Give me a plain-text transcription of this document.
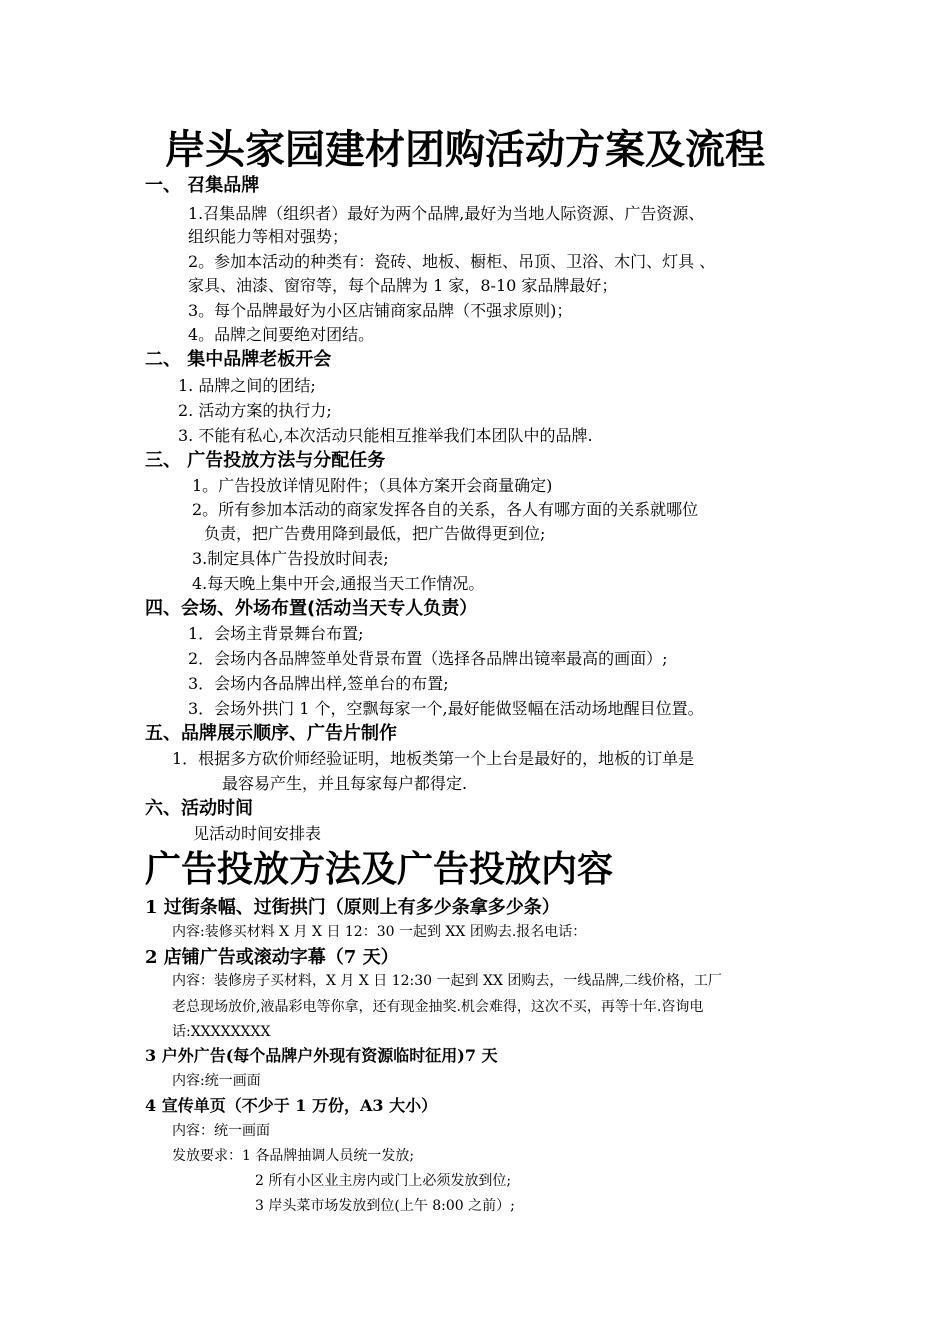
岸头家园建材团购活动方案及流程
一、 召集品牌
1.召集品牌（组织者）最好为两个品牌,最好为当地人际资源、广告资源、
组织能力等相对强势；
2。参加本活动的种类有：瓷砖、地板、橱柜、吊顶、卫浴、木门、灯具 、
家具、油漆、窗帘等，每个品牌为 1 家，8-10 家品牌最好；
3。每个品牌最好为小区店铺商家品牌（不强求原则)；
4。品牌之间要绝对团结。
二、 集中品牌老板开会
1. 品牌之间的团结;
2. 活动方案的执行力;
3. 不能有私心,本次活动只能相互推举我们本团队中的品牌.
三、 广告投放方法与分配任务
1。广告投放详情见附件；（具体方案开会商量确定)
2。所有参加本活动的商家发挥各自的关系，各人有哪方面的关系就哪位
负责，把广告费用降到最低，把广告做得更到位;
3.制定具体广告投放时间表;
4.每天晚上集中开会,通报当天工作情况。
四、会场、外场布置(活动当天专人负责）
1．会场主背景舞台布置;
2．会场内各品牌签单处背景布置（选择各品牌出镜率最高的画面）;
3．会场内各品牌出样,签单台的布置;
3．会场外拱门 1 个，空飘每家一个,最好能做竖幅在活动场地醒目位置。
五、品牌展示顺序、广告片制作
1．根据多方砍价师经验证明，地板类第一个上台是最好的，地板的订单是
最容易产生，并且每家每户都得定.
六、活动时间
见活动时间安排表
广告投放方法及广告投放内容
1 过街条幅、过街拱门（原则上有多少条拿多少条）
内容:装修买材料 X 月 X 日 12：30 一起到 XX 团购去.报名电话：
2 店铺广告或滚动字幕（7 天）
内容：装修房子买材料，X 月 X 日 12:30 一起到 XX 团购去，一线品牌,二线价格，工厂
老总现场放价,液晶彩电等你拿，还有现金抽奖.机会难得，这次不买，再等十年.咨询电
话:XXXXXXXX
3 户外广告(每个品牌户外现有资源临时征用)7 天
内容:统一画面
4 宣传单页（不少于 1 万份，A3 大小）
内容：统一画面
发放要求：1 各品牌抽调人员统一发放;
2 所有小区业主房内或门上必须发放到位;
3 岸头菜市场发放到位(上午 8:00 之前）;
